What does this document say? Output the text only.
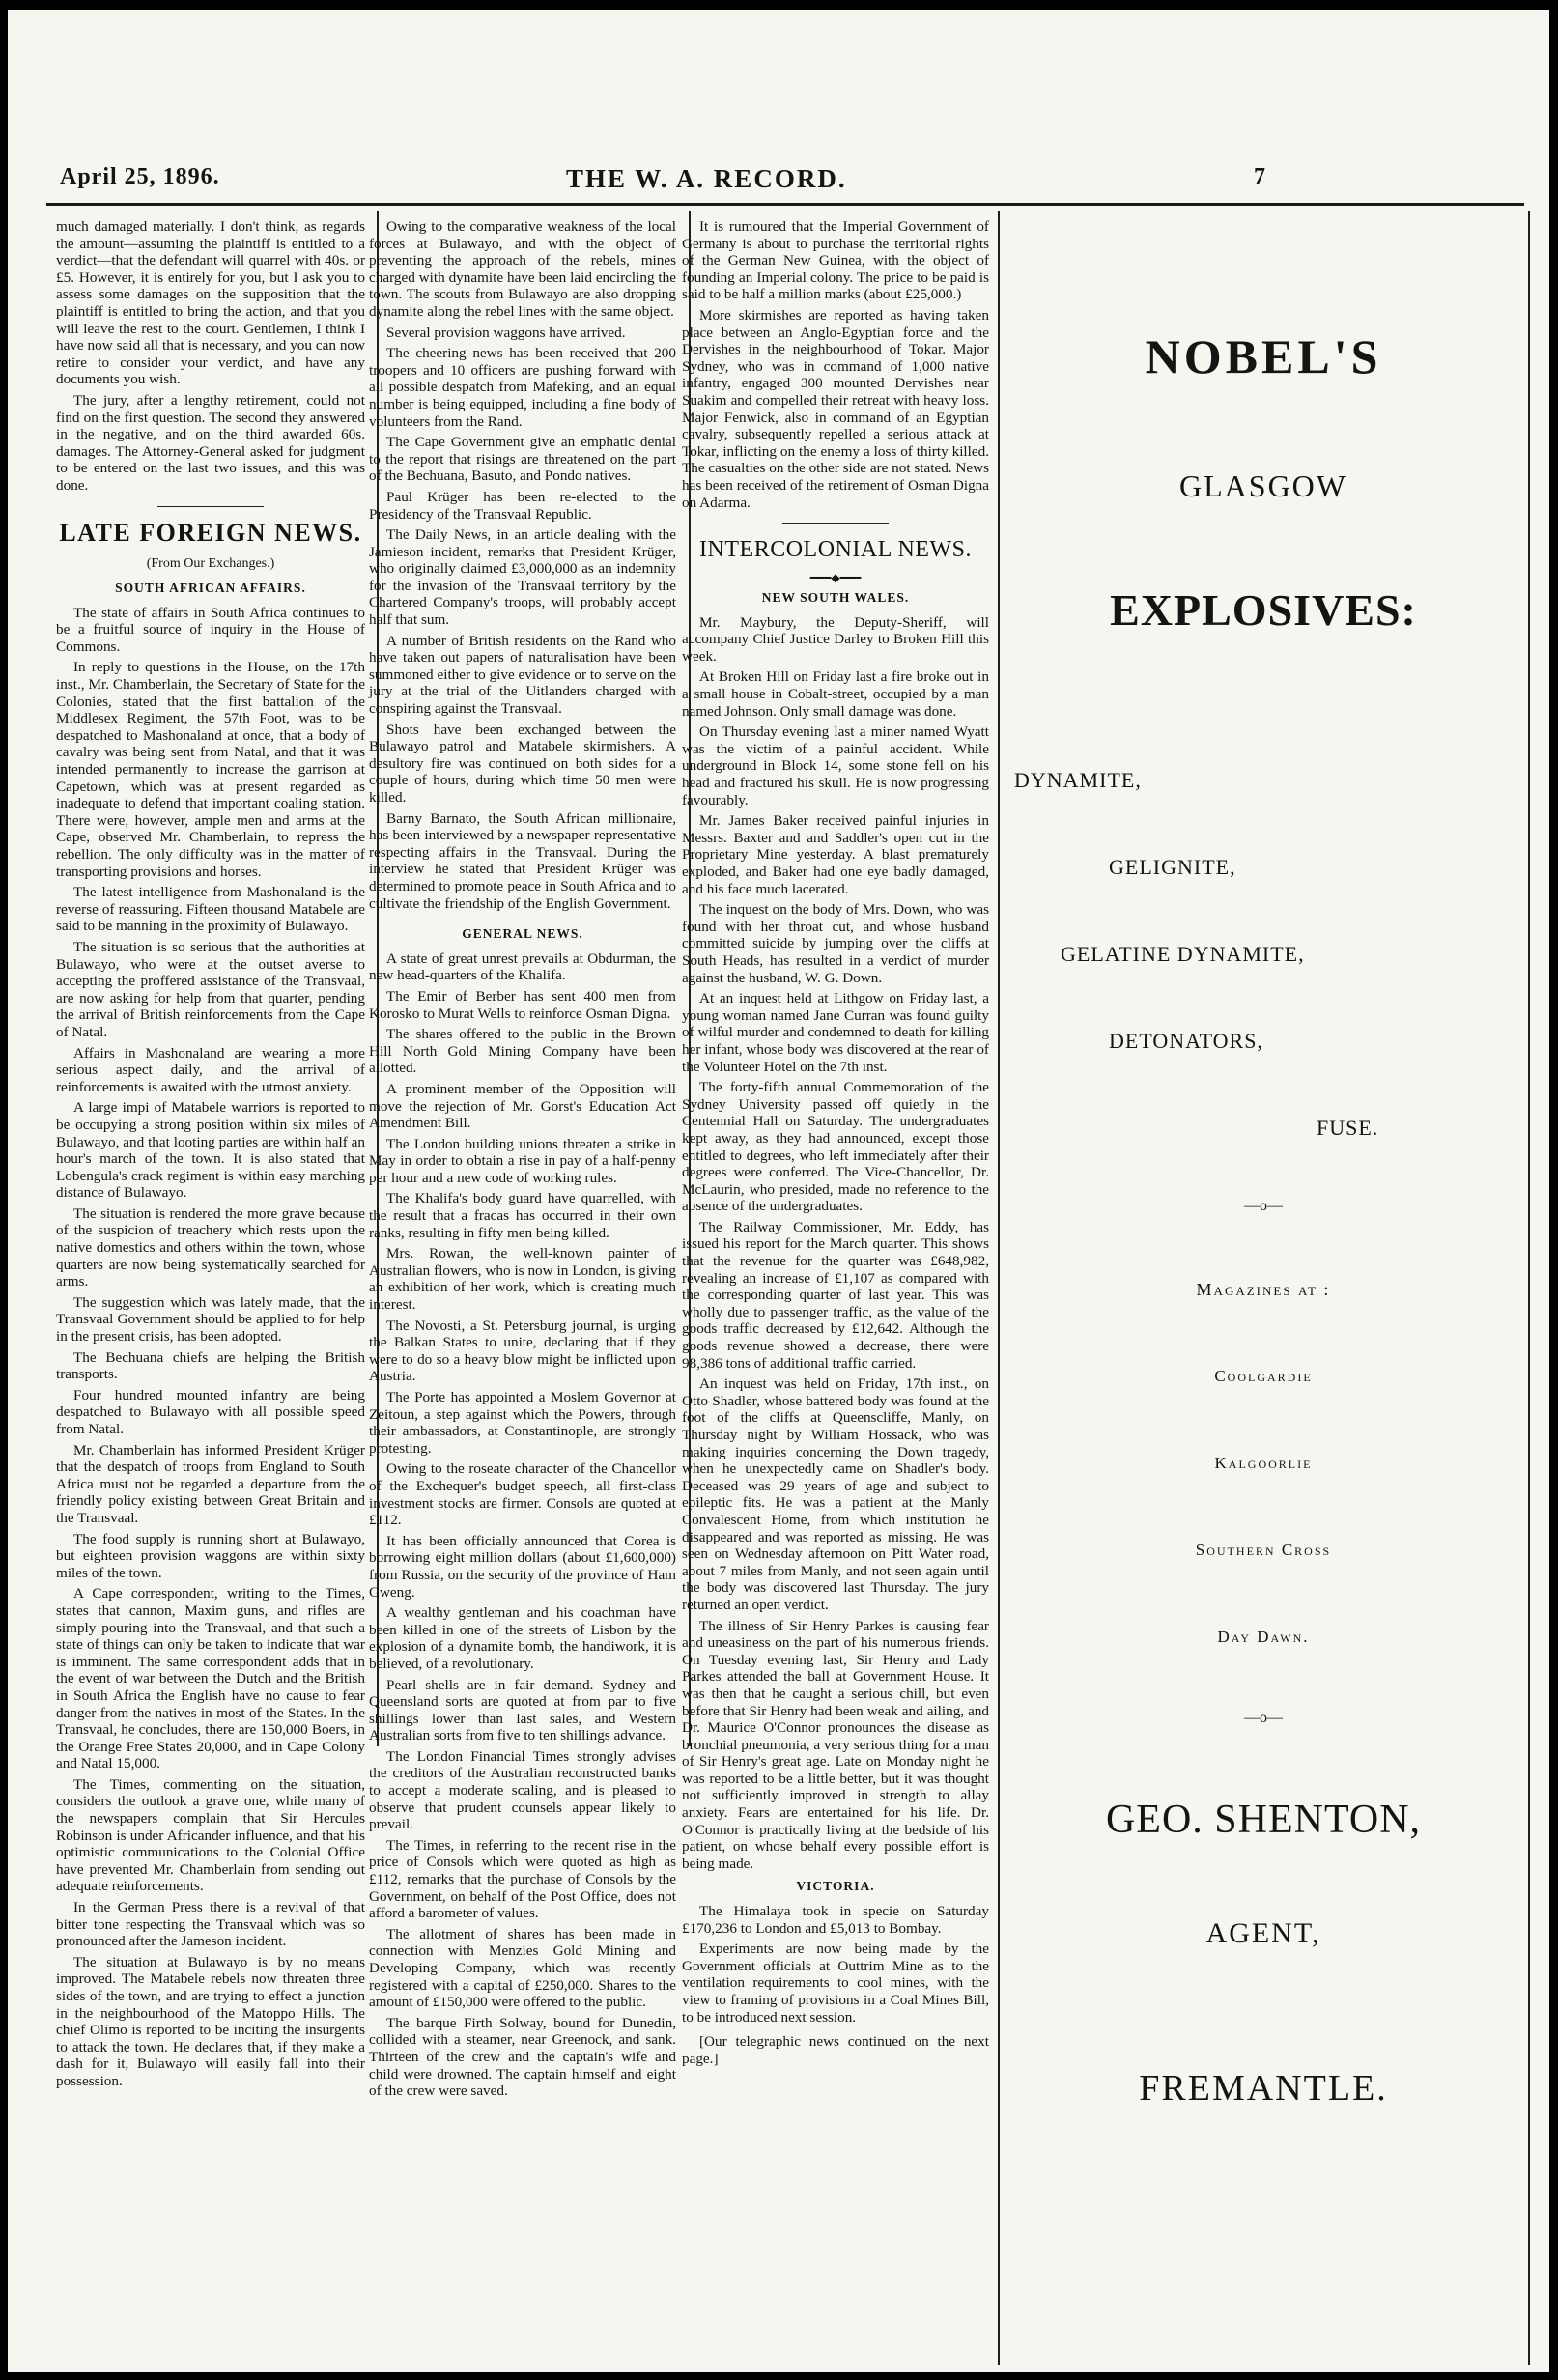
April 25, 1896.	THE W. A. RECORD.	7

much damaged materially. I don't think, as regards the amount—assuming the plaintiff is entitled to a verdict—that the defendant will quarrel with 40s. or £5. However, it is entirely for you, but I ask you to assess some damages on the supposition that the plaintiff is entitled to bring the action, and that you will leave the rest to the court. Gentlemen, I think I have now said all that is necessary, and you can now retire to consider your verdict, and have any documents you wish.

The jury, after a lengthy retirement, could not find on the first question. The second they answered in the negative, and on the third awarded 60s. damages. The Attorney-General asked for judgment to be entered on the last two issues, and this was done.

LATE FOREIGN NEWS.
(From Our Exchanges.)
SOUTH AFRICAN AFFAIRS.

The state of affairs in South Africa continues to be a fruitful source of inquiry in the House of Commons.

In reply to questions in the House, on the 17th inst., Mr. Chamberlain, the Secretary of State for the Colonies, stated that the first battalion of the Middlesex Regiment, the 57th Foot, was to be despatched to Mashonaland at once, that a body of cavalry was being sent from Natal, and that it was intended permanently to increase the garrison at Capetown, which was at present regarded as inadequate to defend that important coaling station. There were, however, ample men and arms at the Cape, observed Mr. Chamberlain, to repress the rebellion. The only difficulty was in the matter of transporting provisions and horses.

The latest intelligence from Mashonaland is the reverse of reassuring. Fifteen thousand Matabele are said to be manning in the proximity of Bulawayo.

The situation is so serious that the authorities at Bulawayo, who were at the outset averse to accepting the proffered assistance of the Transvaal, are now asking for help from that quarter, pending the arrival of British reinforcements from the Cape of Natal.

Affairs in Mashonaland are wearing a more serious aspect daily, and the arrival of reinforcements is awaited with the utmost anxiety.

A large impi of Matabele warriors is reported to be occupying a strong position within six miles of Bulawayo, and that looting parties are within half an hour's march of the town. It is also stated that Lobengula's crack regiment is within easy marching distance of Bulawayo.

The situation is rendered the more grave because of the suspicion of treachery which rests upon the native domestics and others within the town, whose quarters are now being systematically searched for arms.

The suggestion which was lately made, that the Transvaal Government should be applied to for help in the present crisis, has been adopted.

The Bechuana chiefs are helping the British transports.

Four hundred mounted infantry are being despatched to Bulawayo with all possible speed from Natal.

Mr. Chamberlain has informed President Krüger that the despatch of troops from England to South Africa must not be regarded a departure from the friendly policy existing between Great Britain and the Transvaal.

The food supply is running short at Bulawayo, but eighteen provision waggons are within sixty miles of the town.

A Cape correspondent, writing to the Times, states that cannon, Maxim guns, and rifles are simply pouring into the Transvaal, and that such a state of things can only be taken to indicate that war is imminent. The same correspondent adds that in the event of war between the Dutch and the British in South Africa the English have no cause to fear danger from the natives in most of the States. In the Transvaal, he concludes, there are 150,000 Boers, in the Orange Free States 20,000, and in Cape Colony and Natal 15,000.

The Times, commenting on the situation, considers the outlook a grave one, while many of the newspapers complain that Sir Hercules Robinson is under Africander influence, and that his optimistic communications to the Colonial Office have prevented Mr. Chamberlain from sending out adequate reinforcements.

In the German Press there is a revival of that bitter tone respecting the Transvaal which was so pronounced after the Jameson incident.

The situation at Bulawayo is by no means improved. The Matabele rebels now threaten three sides of the town, and are trying to effect a junction in the neighbourhood of the Matoppo Hills. The chief Olimo is reported to be inciting the insurgents to attack the town. He declares that, if they make a dash for it, Bulawayo will easily fall into their possession.

Owing to the comparative weakness of the local forces at Bulawayo, and with the object of preventing the approach of the rebels, mines charged with dynamite have been laid encircling the town. The scouts from Bulawayo are also dropping dynamite along the rebel lines with the same object.

Several provision waggons have arrived.

The cheering news has been received that 200 troopers and 10 officers are pushing forward with all possible despatch from Mafeking, and an equal number is being equipped, including a fine body of volunteers from the Rand.

The Cape Government give an emphatic denial to the report that risings are threatened on the part of the Bechuana, Basuto, and Pondo natives.

Paul Krüger has been re-elected to the Presidency of the Transvaal Republic.

The Daily News, in an article dealing with the Jamieson incident, remarks that President Krüger, who originally claimed £3,000,000 as an indemnity for the invasion of the Transvaal territory by the Chartered Company's troops, will probably accept half that sum.

A number of British residents on the Rand who have taken out papers of naturalisation have been summoned either to give evidence or to serve on the jury at the trial of the Uitlanders charged with conspiring against the Transvaal.

Shots have been exchanged between the Bulawayo patrol and Matabele skirmishers. A desultory fire was continued on both sides for a couple of hours, during which time 50 men were killed.

Barny Barnato, the South African millionaire, has been interviewed by a newspaper representative respecting affairs in the Transvaal. During the interview he stated that President Krüger was determined to promote peace in South Africa and to cultivate the friendship of the English Government.

GENERAL NEWS.

A state of great unrest prevails at Obdurman, the new head-quarters of the Khalifa.

The Emir of Berber has sent 400 men from Korosko to Murat Wells to reinforce Osman Digna.

The shares offered to the public in the Brown Hill North Gold Mining Company have been allotted.

A prominent member of the Opposition will move the rejection of Mr. Gorst's Education Act Amendment Bill.

The London building unions threaten a strike in May in order to obtain a rise in pay of a half-penny per hour and a new code of working rules.

The Khalifa's body guard have quarrelled, with the result that a fracas has occurred in their own ranks, resulting in fifty men being killed.

Mrs. Rowan, the well-known painter of Australian flowers, who is now in London, is giving an exhibition of her work, which is creating much interest.

The Novosti, a St. Petersburg journal, is urging the Balkan States to unite, declaring that if they were to do so a heavy blow might be inflicted upon Austria.

The Porte has appointed a Moslem Governor at Zeitoun, a step against which the Powers, through their ambassadors, at Constantinople, are strongly protesting.

Owing to the roseate character of the Chancellor of the Exchequer's budget speech, all first-class investment stocks are firmer. Consols are quoted at £112.

It has been officially announced that Corea is borrowing eight million dollars (about £1,600,000) from Russia, on the security of the province of Ham Gweng.

A wealthy gentleman and his coachman have been killed in one of the streets of Lisbon by the explosion of a dynamite bomb, the handiwork, it is believed, of a revolutionary.

Pearl shells are in fair demand. Sydney and Queensland sorts are quoted at from par to five shillings lower than last sales, and Western Australian sorts from five to ten shillings advance.

The London Financial Times strongly advises the creditors of the Australian reconstructed banks to accept a moderate scaling, and is pleased to observe that prudent counsels appear likely to prevail.

The Times, in referring to the recent rise in the price of Consols which were quoted as high as £112, remarks that the purchase of Consols by the Government, on behalf of the Post Office, does not afford a barometer of values.

The allotment of shares has been made in connection with Menzies Gold Mining and Developing Company, which was recently registered with a capital of £250,000. Shares to the amount of £150,000 were offered to the public.

The barque Firth Solway, bound for Dunedin, collided with a steamer, near Greenock, and sank. Thirteen of the crew and the captain's wife and child were drowned. The captain himself and eight of the crew were saved.

It is rumoured that the Imperial Government of Germany is about to purchase the territorial rights of the German New Guinea, with the object of founding an Imperial colony. The price to be paid is said to be half a million marks (about £25,000.)

More skirmishes are reported as having taken place between an Anglo-Egyptian force and the Dervishes in the neighbourhood of Tokar. Major Sydney, who was in command of 1,000 native infantry, engaged 300 mounted Dervishes near Suakim and compelled their retreat with heavy loss. Major Fenwick, also in command of an Egyptian cavalry, subsequently repelled a serious attack at Tokar, inflicting on the enemy a loss of thirty killed. The casualties on the other side are not stated. News has been received of the retirement of Osman Digna on Adarma.

INTERCOLONIAL NEWS.
━━━◆━━━
NEW SOUTH WALES.

Mr. Maybury, the Deputy-Sheriff, will accompany Chief Justice Darley to Broken Hill this week.

At Broken Hill on Friday last a fire broke out in a small house in Cobalt-street, occupied by a man named Johnson. Only small damage was done.

On Thursday evening last a miner named Wyatt was the victim of a painful accident. While underground in Block 14, some stone fell on his head and fractured his skull. He is now progressing favourably.

Mr. James Baker received painful injuries in Messrs. Baxter and and Saddler's open cut in the Proprietary Mine yesterday. A blast prematurely exploded, and Baker had one eye badly damaged, and his face much lacerated.

The inquest on the body of Mrs. Down, who was found with her throat cut, and whose husband committed suicide by jumping over the cliffs at South Heads, has resulted in a verdict of murder against the husband, W. G. Down.

At an inquest held at Lithgow on Friday last, a young woman named Jane Curran was found guilty of wilful murder and condemned to death for killing her infant, whose body was discovered at the rear of the Volunteer Hotel on the 7th inst.

The forty-fifth annual Commemoration of the Sydney University passed off quietly in the Centennial Hall on Saturday. The undergraduates kept away, as they had announced, except those entitled to degrees, who left immediately after their degrees were conferred. The Vice-Chancellor, Dr. McLaurin, who presided, made no reference to the absence of the undergraduates.

The Railway Commissioner, Mr. Eddy, has issued his report for the March quarter. This shows that the revenue for the quarter was £648,982, revealing an increase of £1,107 as compared with the corresponding quarter of last year. This was wholly due to passenger traffic, as the value of the goods traffic decreased by £12,642. Although the goods revenue showed a decrease, there were 98,386 tons of additional traffic carried.

An inquest was held on Friday, 17th inst., on Otto Shadler, whose battered body was found at the foot of the cliffs at Queenscliffe, Manly, on Thursday night by William Hossack, who was making inquiries concerning the Down tragedy, when he unexpectedly came on Shadler's body. Deceased was 29 years of age and subject to epileptic fits. He was a patient at the Manly Convalescent Home, from which institution he disappeared and was reported as missing. He was seen on Wednesday afternoon on Pitt Water road, about 7 miles from Manly, and not seen again until the body was discovered last Thursday. The jury returned an open verdict.

The illness of Sir Henry Parkes is causing fear and uneasiness on the part of his numerous friends. On Tuesday evening last, Sir Henry and Lady Parkes attended the ball at Government House. It was then that he caught a serious chill, but even before that Sir Henry had been weak and ailing, and Dr. Maurice O'Connor pronounces the disease as bronchial pneumonia, a very serious thing for a man of Sir Henry's great age. Late on Monday night he was reported to be a little better, but it was thought not sufficiently improved in strength to allay anxiety. Fears are entertained for his life. Dr. O'Connor is practically living at the bedside of his patient, on whose behalf every possible effort is being made.

VICTORIA.

The Himalaya took in specie on Saturday £170,236 to London and £5,013 to Bombay.

Experiments are now being made by the Government officials at Outtrim Mine as to the ventilation requirements to cool mines, with the view to framing of provisions in a Coal Mines Bill, to be introduced next session.

[Our telegraphic news continued on the next page.]

NOBEL'S
GLASGOW
EXPLOSIVES:
DYNAMITE,
GELIGNITE,
GELATINE DYNAMITE,
DETONATORS,
FUSE.
—o—
Magazines at :
Coolgardie
Kalgoorlie
Southern Cross
Day Dawn.
—o—
GEO. SHENTON,
AGENT,
FREMANTLE.
